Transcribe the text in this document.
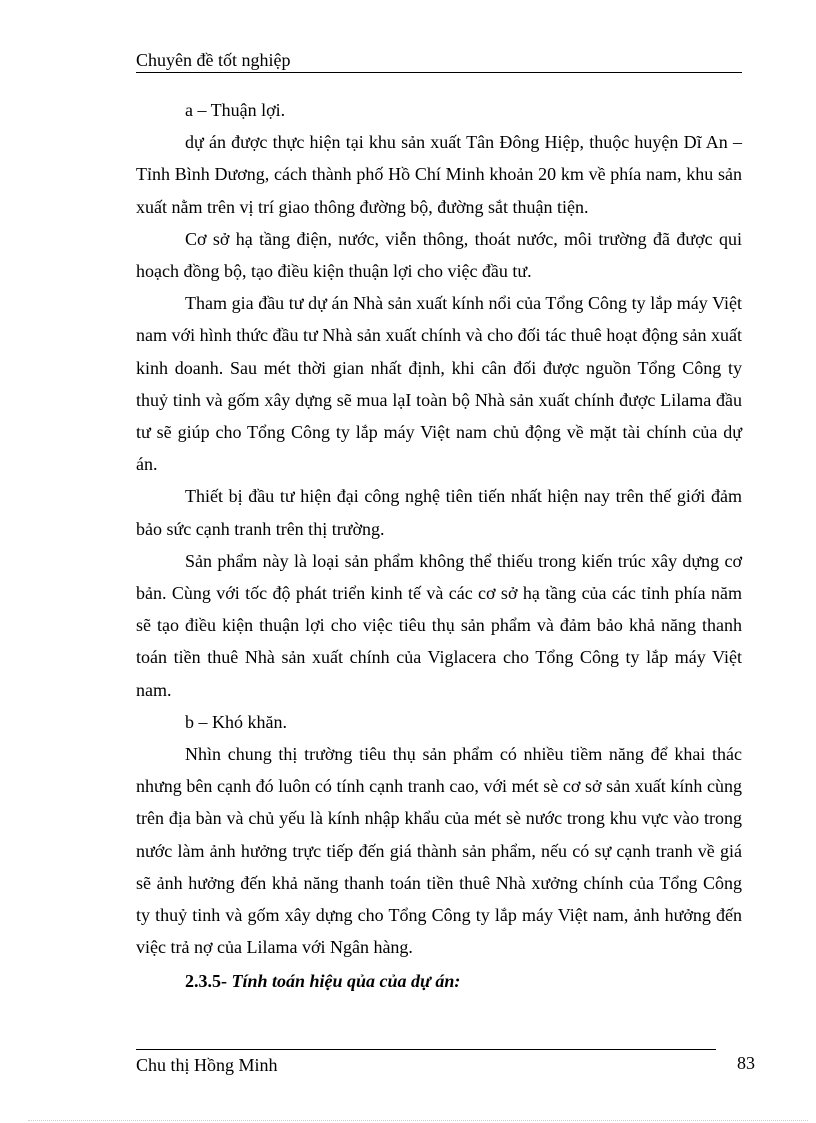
Chuyên đề tốt nghiệp

a – Thuận lợi.

dự án được thực hiện tại khu sản xuất Tân Đông Hiệp, thuộc huyện Dĩ An – Tỉnh Bình Dương, cách thành phố Hồ Chí Minh khoản 20 km về phía nam, khu sản xuất nằm trên vị trí giao thông đường bộ, đường sắt thuận tiện.

Cơ sở hạ tầng điện, nước, viễn thông, thoát nước, môi trường đã được qui hoạch đồng bộ, tạo điều kiện thuận lợi cho việc đầu tư.

Tham gia đầu tư dự án Nhà sản xuất kính nổi của Tổng Công ty lắp máy Việt nam với hình thức đầu tư Nhà sản xuất chính và cho đối tác thuê hoạt động sản xuất kinh doanh. Sau mét thời gian nhất định, khi cân đối được nguồn Tổng Công ty thuỷ tinh và gốm xây dựng sẽ mua lạI toàn bộ Nhà sản xuất chính được Lilama đầu tư sẽ giúp cho Tổng Công ty lắp máy Việt nam chủ động về mặt tài chính của dự án.

Thiết bị đầu tư hiện đại công nghệ tiên tiến nhất hiện nay trên thế giới đảm bảo sức cạnh tranh trên thị trường.

Sản phẩm này là loại sản phẩm không thể thiếu trong kiến trúc xây dựng cơ bản. Cùng với tốc độ phát triển kinh tế và các cơ sở hạ tầng của các tỉnh phía năm sẽ tạo điều kiện thuận lợi cho việc tiêu thụ sản phẩm và đảm bảo khả năng thanh toán tiền thuê Nhà sản xuất chính của Viglacera cho Tổng Công ty lắp máy Việt nam.

b – Khó khăn.

Nhìn chung thị trường tiêu thụ sản phẩm có nhiều tiềm năng để khai thác nhưng bên cạnh đó luôn có tính cạnh tranh cao, với mét sè cơ sở sản xuất kính cùng trên địa bàn và chủ yếu là kính nhập khẩu của mét sè nước trong khu vực vào trong nước làm ảnh hưởng trực tiếp đến giá thành sản phẩm, nếu có sự cạnh tranh về giá sẽ ảnh hưởng đến khả năng thanh toán tiền thuê Nhà xưởng chính của Tổng Công ty thuỷ tinh và gốm xây dựng cho Tổng Công ty lắp máy Việt nam, ảnh hưởng đến việc trả nợ của Lilama với Ngân hàng.

2.3.5- Tính toán hiệu qủa của dự án:

Chu thị Hồng Minh	83
